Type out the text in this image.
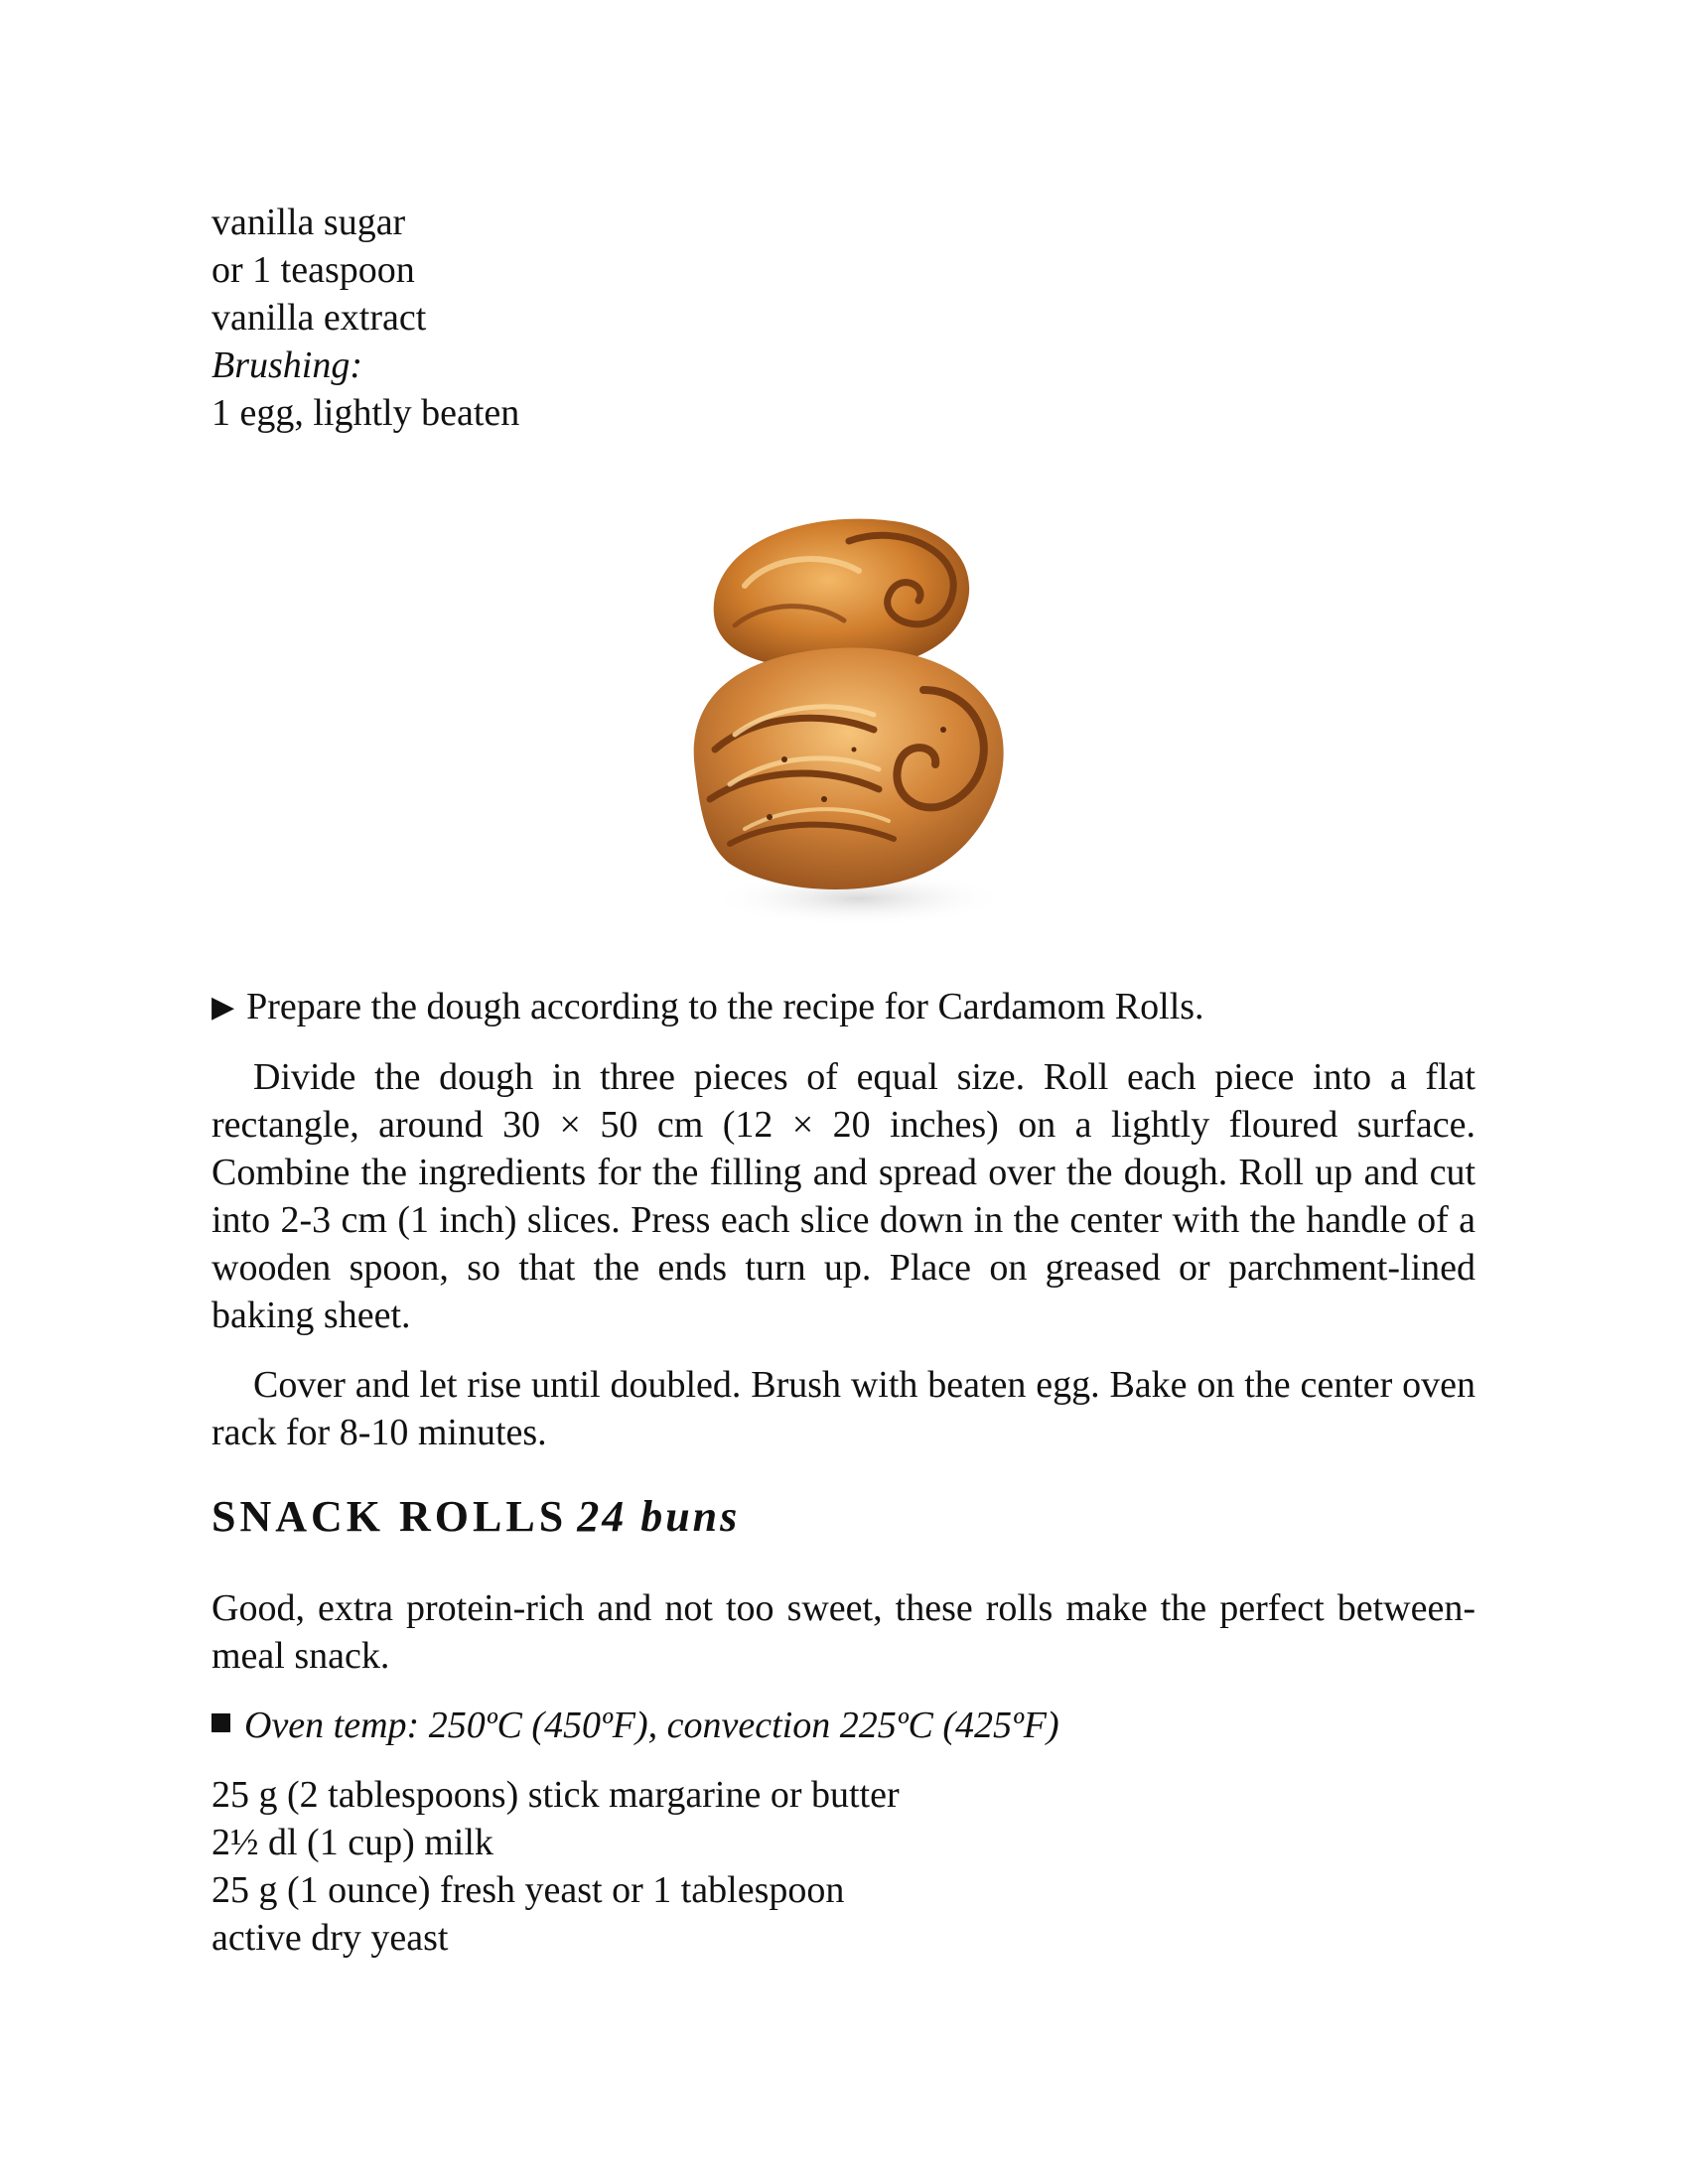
vanilla sugar

or 1 teaspoon

vanilla extract

Brushing:

1 egg, lightly beaten

▶ Prepare the dough according to the recipe for Cardamom Rolls.

Divide the dough in three pieces of equal size. Roll each piece into a flat rectangle, around 30 × 50 cm (12 × 20 inches) on a lightly floured surface. Combine the ingredients for the filling and spread over the dough. Roll up and cut into 2-3 cm (1 inch) slices. Press each slice down in the center with the handle of a wooden spoon, so that the ends turn up. Place on greased or parchment-lined baking sheet.

Cover and let rise until doubled. Brush with beaten egg. Bake on the center oven rack for 8-10 minutes.

SNACK ROLLS 24 buns

Good, extra protein-rich and not too sweet, these rolls make the perfect between-meal snack.

Oven temp: 250ºC (450ºF), convection 225ºC (425ºF)

25 g (2 tablespoons) stick margarine or butter

2½ dl (1 cup) milk

25 g (1 ounce) fresh yeast or 1 tablespoon

active dry yeast
